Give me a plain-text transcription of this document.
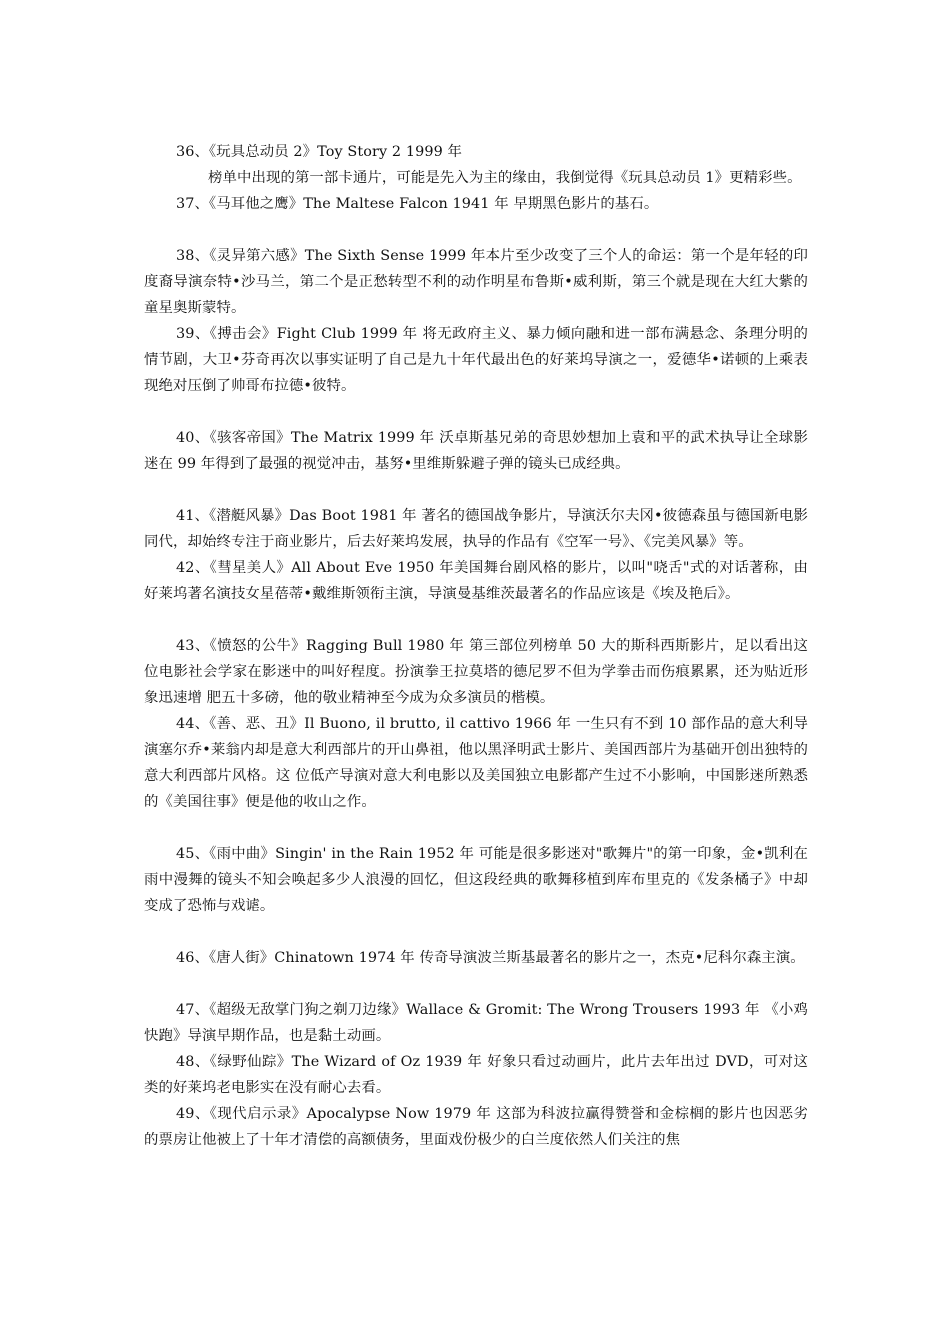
36、《玩具总动员 2》Toy Story 2 1999 年

榜单中出现的第一部卡通片，可能是先入为主的缘由，我倒觉得《玩具总动员 1》更精彩些。

37、《马耳他之鹰》The Maltese Falcon 1941 年 早期黑色影片的基石。

38、《灵异第六感》The Sixth Sense 1999 年本片至少改变了三个人的命运：第一个是年轻的印度裔导演奈特•沙马兰，第二个是正愁转型不利的动作明星布鲁斯•威利斯，第三个就是现在大红大紫的童星奥斯蒙特。

39、《搏击会》Fight Club 1999 年 将无政府主义、暴力倾向融和进一部布满悬念、条理分明的情节剧，大卫•芬奇再次以事实证明了自己是九十年代最出色的好莱坞导演之一，爱德华•诺顿的上乘表现绝对压倒了帅哥布拉德•彼特。

40、《骇客帝国》The Matrix 1999 年 沃卓斯基兄弟的奇思妙想加上袁和平的武术执导让全球影迷在 99 年得到了最强的视觉冲击，基努•里维斯躲避子弹的镜头已成经典。

41、《潜艇风暴》Das Boot 1981 年 著名的德国战争影片，导演沃尔夫冈•彼德森虽与德国新电影同代，却始终专注于商业影片，后去好莱坞发展，执导的作品有《空军一号》、《完美风暴》等。

42、《彗星美人》All About Eve 1950 年美国舞台剧风格的影片，以叫"哓舌"式的对话著称，由好莱坞著名演技女星蓓蒂•戴维斯领衔主演，导演曼基维茨最著名的作品应该是《埃及艳后》。

43、《愤怒的公牛》Ragging Bull 1980 年 第三部位列榜单 50 大的斯科西斯影片，足以看出这位电影社会学家在影迷中的叫好程度。扮演拳王拉莫塔的德尼罗不但为学拳击而伤痕累累，还为贴近形象迅速增 肥五十多磅，他的敬业精神至今成为众多演员的楷模。

44、《善、恶、丑》Il Buono, il brutto, il cattivo 1966 年 一生只有不到 10 部作品的意大利导演塞尔乔•莱翁内却是意大利西部片的开山鼻祖，他以黑泽明武士影片、美国西部片为基础开创出独特的意大利西部片风格。这 位低产导演对意大利电影以及美国独立电影都产生过不小影响，中国影迷所熟悉的《美国往事》便是他的收山之作。

45、《雨中曲》Singin' in the Rain 1952 年 可能是很多影迷对"歌舞片"的第一印象，金•凯利在雨中漫舞的镜头不知会唤起多少人浪漫的回忆，但这段经典的歌舞移植到库布里克的《发条橘子》中却变成了恐怖与戏谑。

46、《唐人街》Chinatown 1974 年 传奇导演波兰斯基最著名的影片之一，杰克•尼科尔森主演。

47、《超级无敌掌门狗之剃刀边缘》Wallace & Gromit: The Wrong Trousers 1993 年 《小鸡快跑》导演早期作品，也是黏土动画。

48、《绿野仙踪》The Wizard of Oz 1939 年 好象只看过动画片，此片去年出过 DVD，可对这类的好莱坞老电影实在没有耐心去看。

49、《现代启示录》Apocalypse Now 1979 年 这部为科波拉赢得赞誉和金棕榈的影片也因恶劣的票房让他被上了十年才清偿的高额债务，里面戏份极少的白兰度依然人们关注的焦
